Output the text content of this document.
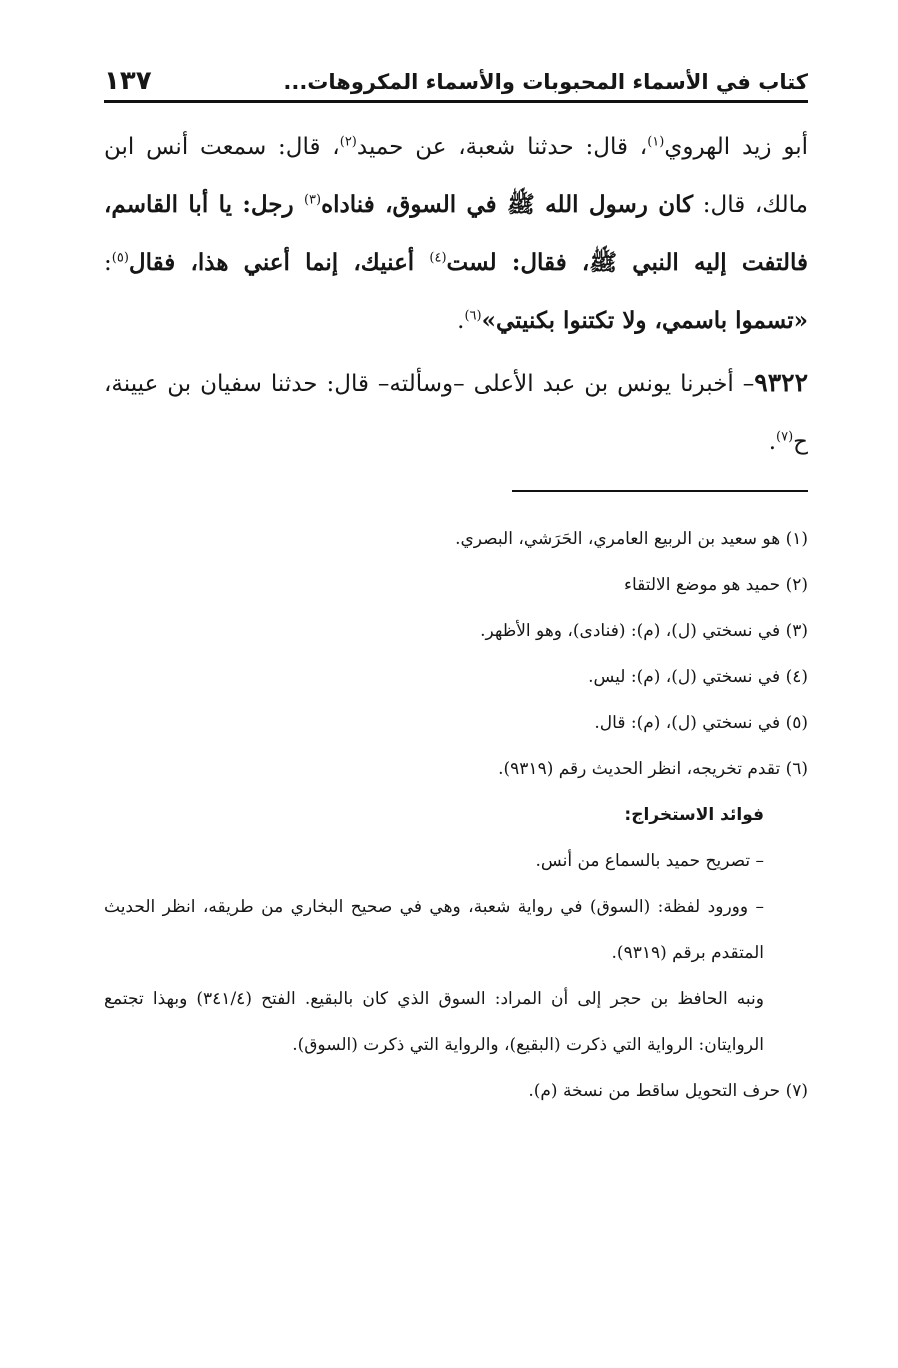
كتاب في الأسماء المحبوبات والأسماء المكروهات...
١٣٧

أبو زيد الهروي$^{(١)}$، قال: حدثنا شعبة، عن حميد$^{(٢)}$، قال: سمعت أنس ابن مالك، قال: كان رسول الله ﷺ في السوق، فناداه$^{(٣)}$ رجل: يا أبا القاسم، فالتفت إليه النبي ﷺ، فقال: لست$^{(٤)}$ أعنيك، إنما أعني هذا، فقال$^{(٥)}$: «تسموا باسمي، ولا تكتنوا بكنيتي»$^{(٦)}$.

٩٣٢٢– أخبرنا يونس بن عبد الأعلى –وسألته– قال: حدثنا سفيان بن عيينة، ح$^{(٧)}$.

(١) هو سعيد بن الربيع العامري، الحَرَشي، البصري.

(٢) حميد هو موضع الالتقاء

(٣) في نسختي (ل)، (م): (فنادى)، وهو الأظهر.

(٤) في نسختي (ل)، (م): ليس.

(٥) في نسختي (ل)، (م): قال.

(٦) تقدم تخريجه، انظر الحديث رقم (٩٣١٩).

فوائد الاستخراج:

– تصريح حميد بالسماع من أنس.

– وورود لفظة: (السوق) في رواية شعبة، وهي في صحيح البخاري من طريقه، انظر الحديث المتقدم برقم (٩٣١٩).

ونبه الحافظ بن حجر إلى أن المراد: السوق الذي كان بالبقيع. الفتح (٣٤١/٤) وبهذا تجتمع الروايتان: الرواية التي ذكرت (البقيع)، والرواية التي ذكرت (السوق).

(٧) حرف التحويل ساقط من نسخة (م).
